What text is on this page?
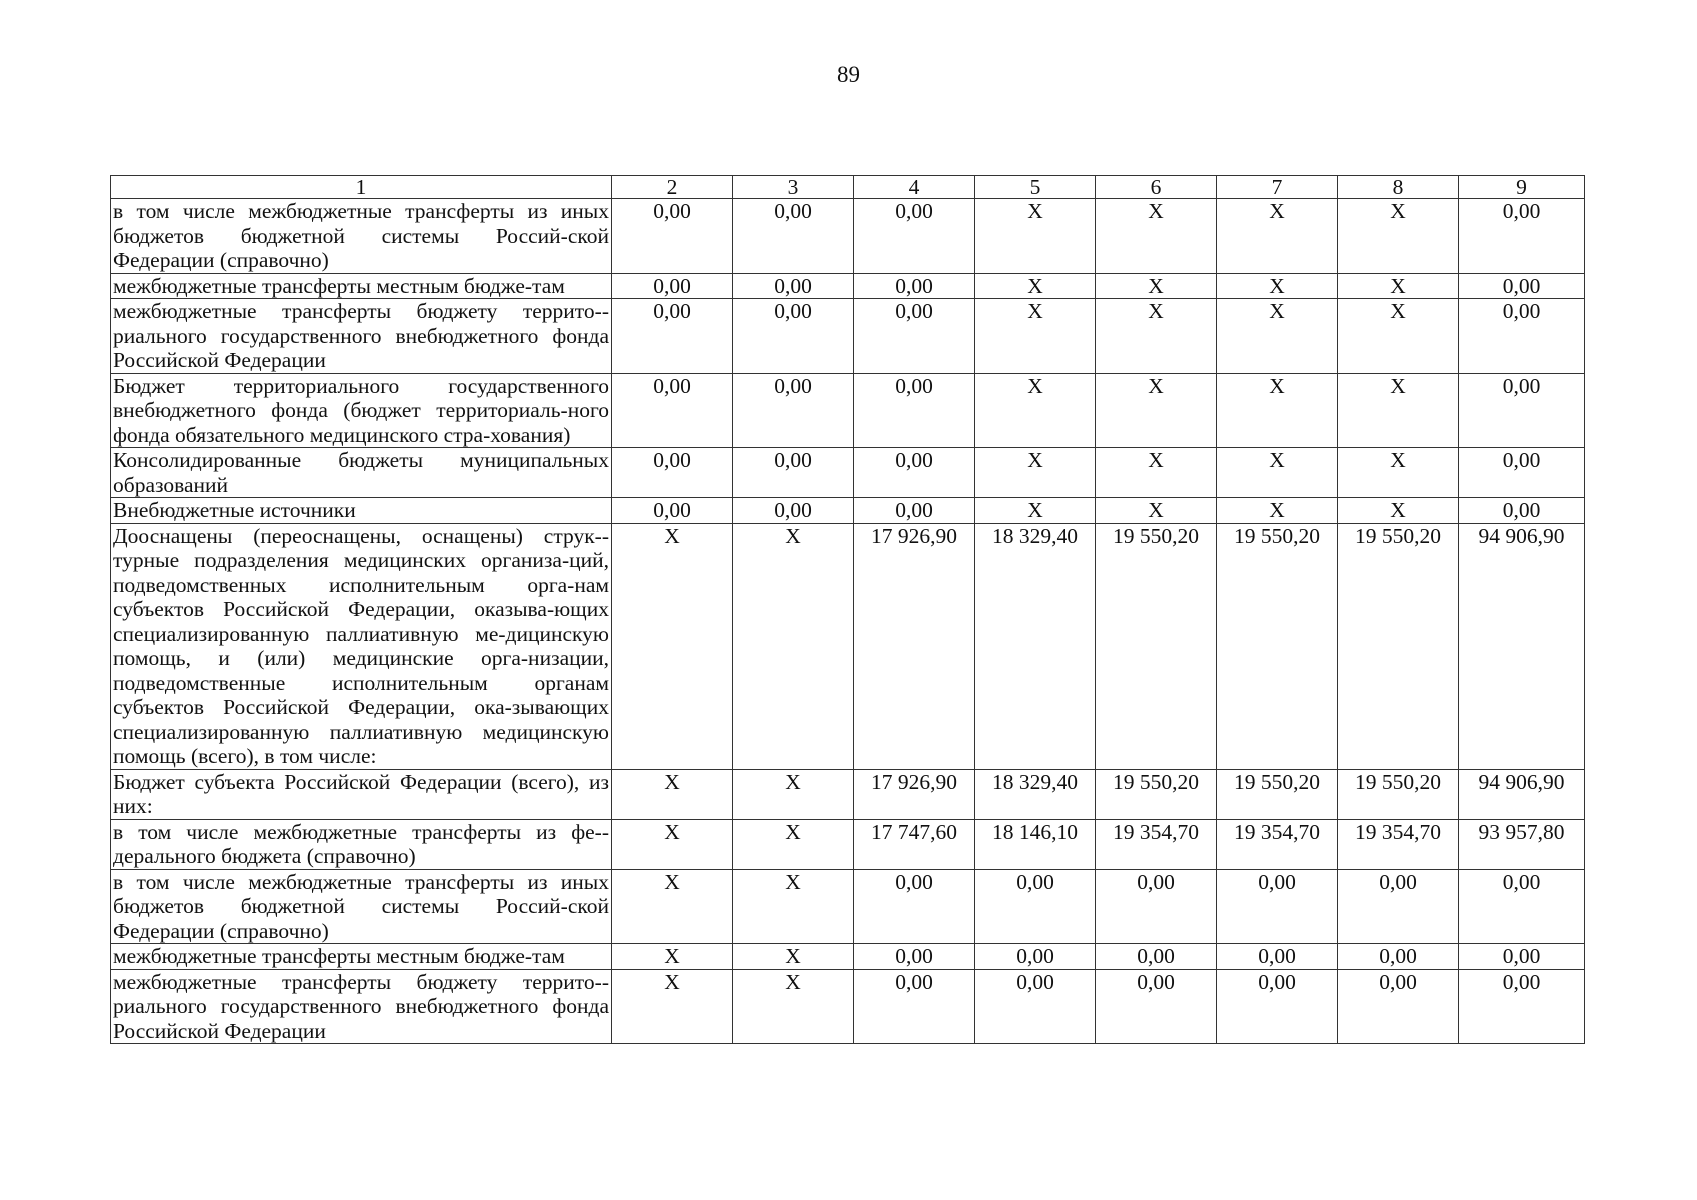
89
1	2	3	4	5	6	7	8	9
в том числе межбюджетные трансферты из иных бюджетов бюджетной системы Россий-ской Федерации (справочно)	0,00	0,00	0,00	X	X	X	X	0,00
межбюджетные трансферты местным бюдже-там	0,00	0,00	0,00	X	X	X	X	0,00
межбюджетные трансферты бюджету террито-риального государственного внебюджетного фонда Российской Федерации	0,00	0,00	0,00	X	X	X	X	0,00
Бюджет территориального государственного внебюджетного фонда (бюджет территориаль-ного фонда обязательного медицинского стра-хования)	0,00	0,00	0,00	X	X	X	X	0,00
Консолидированные бюджеты муниципальных образований	0,00	0,00	0,00	X	X	X	X	0,00
Внебюджетные источники	0,00	0,00	0,00	X	X	X	X	0,00
Дооснащены (переоснащены, оснащены) струк-турные подразделения медицинских организа-ций, подведомственных исполнительным орга-нам субъектов Российской Федерации, оказыва-ющих специализированную паллиативную ме-дицинскую помощь, и (или) медицинские орга-низации, подведомственные исполнительным органам субъектов Российской Федерации, ока-зывающих специализированную паллиативную медицинскую помощь (всего), в том числе:	X	X	17 926,90	18 329,40	19 550,20	19 550,20	19 550,20	94 906,90
Бюджет субъекта Российской Федерации (всего), из них:	X	X	17 926,90	18 329,40	19 550,20	19 550,20	19 550,20	94 906,90
в том числе межбюджетные трансферты из фе-дерального бюджета (справочно)	X	X	17 747,60	18 146,10	19 354,70	19 354,70	19 354,70	93 957,80
в том числе межбюджетные трансферты из иных бюджетов бюджетной системы Россий-ской Федерации (справочно)	X	X	0,00	0,00	0,00	0,00	0,00	0,00
межбюджетные трансферты местным бюдже-там	X	X	0,00	0,00	0,00	0,00	0,00	0,00
межбюджетные трансферты бюджету террито-риального государственного внебюджетного фонда Российской Федерации	X	X	0,00	0,00	0,00	0,00	0,00	0,00
